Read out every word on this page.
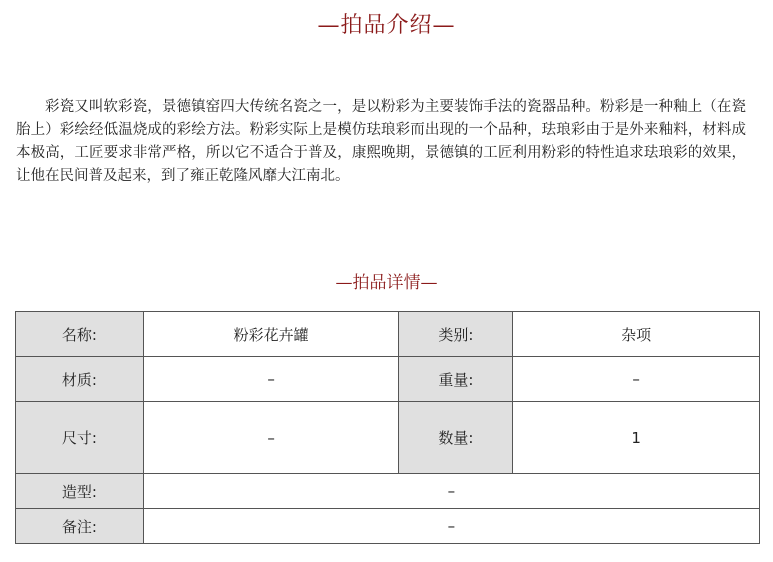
—拍品介绍—

彩瓷又叫软彩瓷，景德镇窑四大传统名瓷之一，是以粉彩为主要装饰手法的瓷器品种。粉彩是一种釉上（在瓷胎上）彩绘经低温烧成的彩绘方法。粉彩实际上是模仿珐琅彩而出现的一个品种，珐琅彩由于是外来釉料，材料成本极高，工匠要求非常严格，所以它不适合于普及，康熙晚期，景德镇的工匠利用粉彩的特性追求珐琅彩的效果，让他在民间普及起来，到了雍正乾隆风靡大江南北。

—拍品详情—
名称:	粉彩花卉罐	类别:	杂项
材质:	–	重量:	–
尺寸:	–	数量:	1
造型:	–		
备注:	–		
